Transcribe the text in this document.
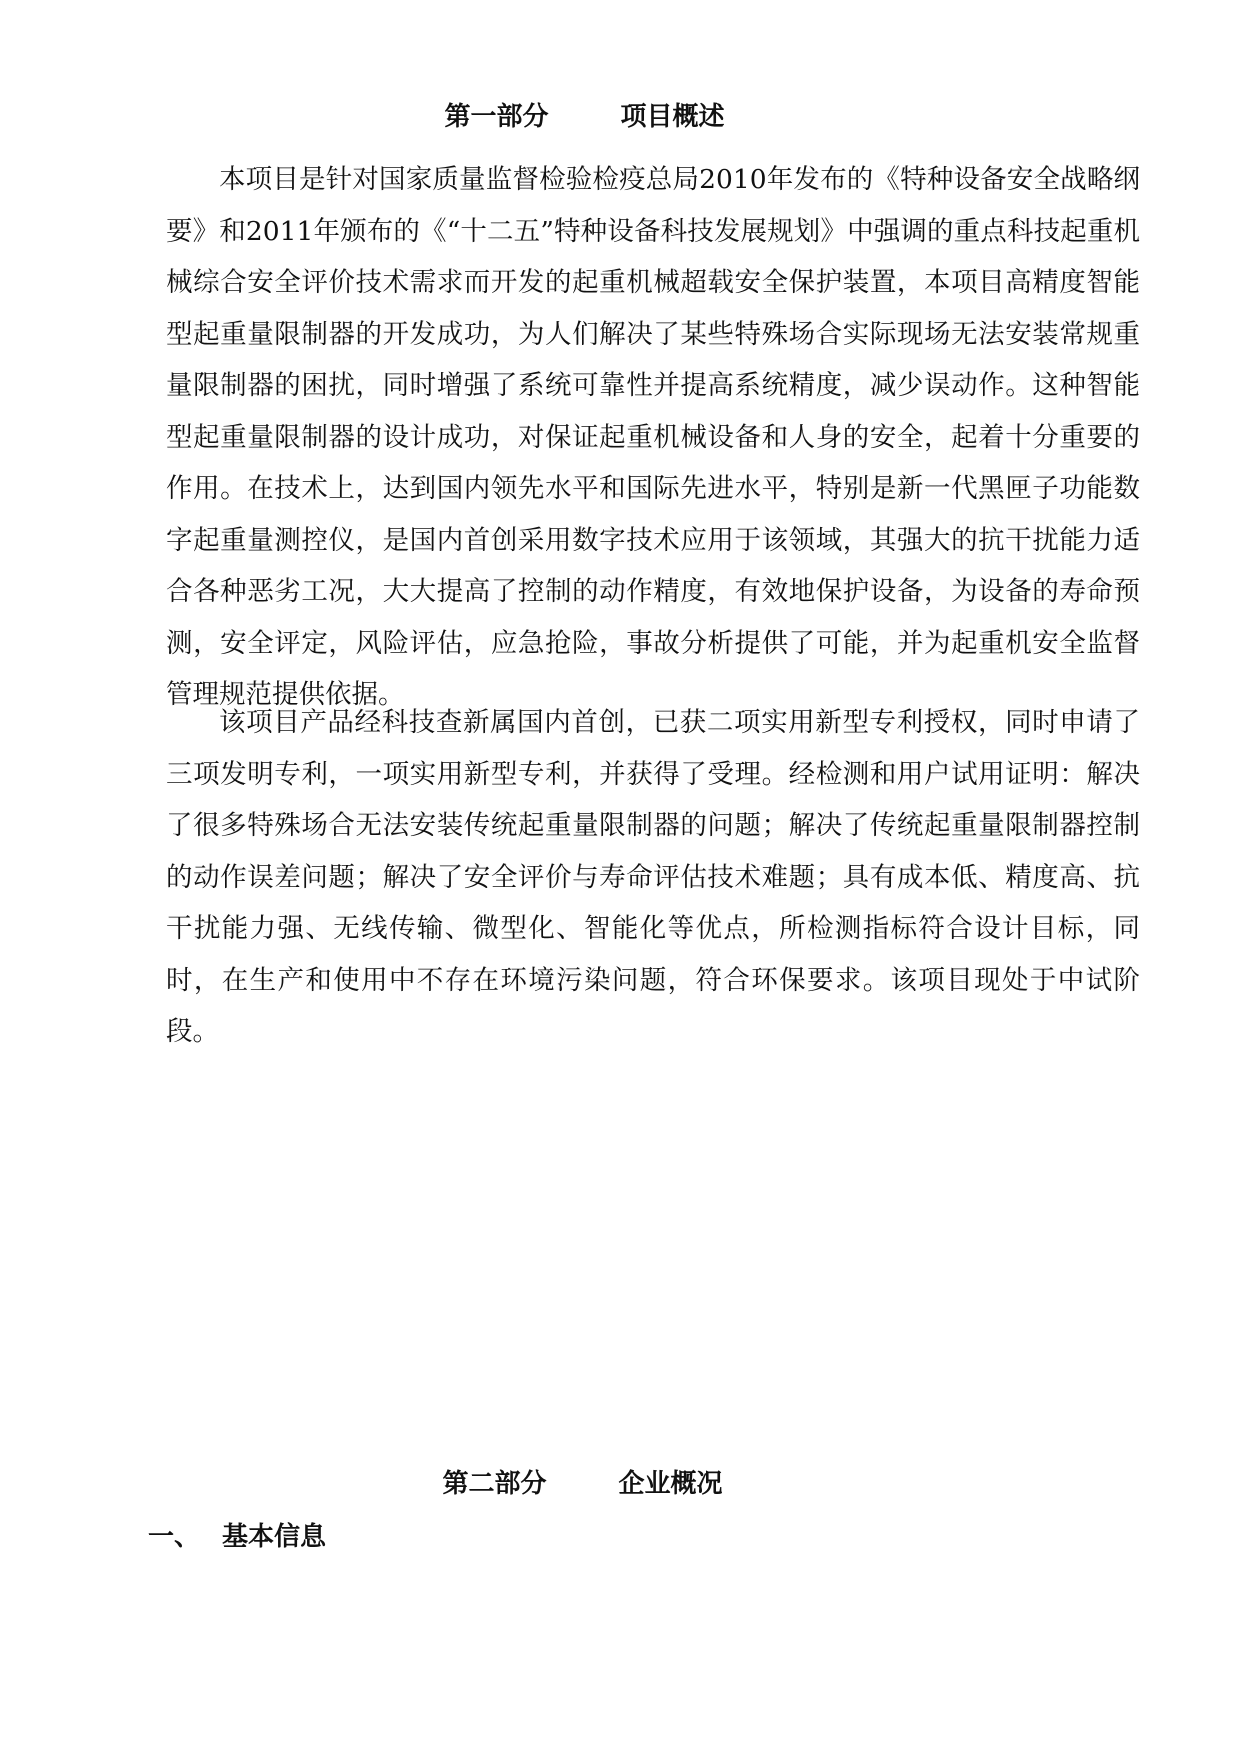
第一部分	项目概述

本项目是针对国家质量监督检验检疫总局2010年发布的《特种设备安全战略纲要》和2011年颁布的《“十二五”特种设备科技发展规划》中强调的重点科技起重机械综合安全评价技术需求而开发的起重机械超载安全保护装置，本项目高精度智能型起重量限制器的开发成功，为人们解决了某些特殊场合实际现场无法安装常规重量限制器的困扰，同时增强了系统可靠性并提高系统精度，减少误动作。这种智能型起重量限制器的设计成功，对保证起重机械设备和人身的安全，起着十分重要的作用。在技术上，达到国内领先水平和国际先进水平，特别是新一代黑匣子功能数字起重量测控仪，是国内首创采用数字技术应用于该领域，其强大的抗干扰能力适合各种恶劣工况，大大提高了控制的动作精度，有效地保护设备，为设备的寿命预测，安全评定，风险评估，应急抢险，事故分析提供了可能，并为起重机安全监督管理规范提供依据。

该项目产品经科技查新属国内首创，已获二项实用新型专利授权，同时申请了三项发明专利，一项实用新型专利，并获得了受理。经检测和用户试用证明：解决了很多特殊场合无法安装传统起重量限制器的问题；解决了传统起重量限制器控制的动作误差问题；解决了安全评价与寿命评估技术难题；具有成本低、精度高、抗干扰能力强、无线传输、微型化、智能化等优点，所检测指标符合设计目标，同时，在生产和使用中不存在环境污染问题，符合环保要求。该项目现处于中试阶段。

第二部分	企业概况
一、 基本信息
